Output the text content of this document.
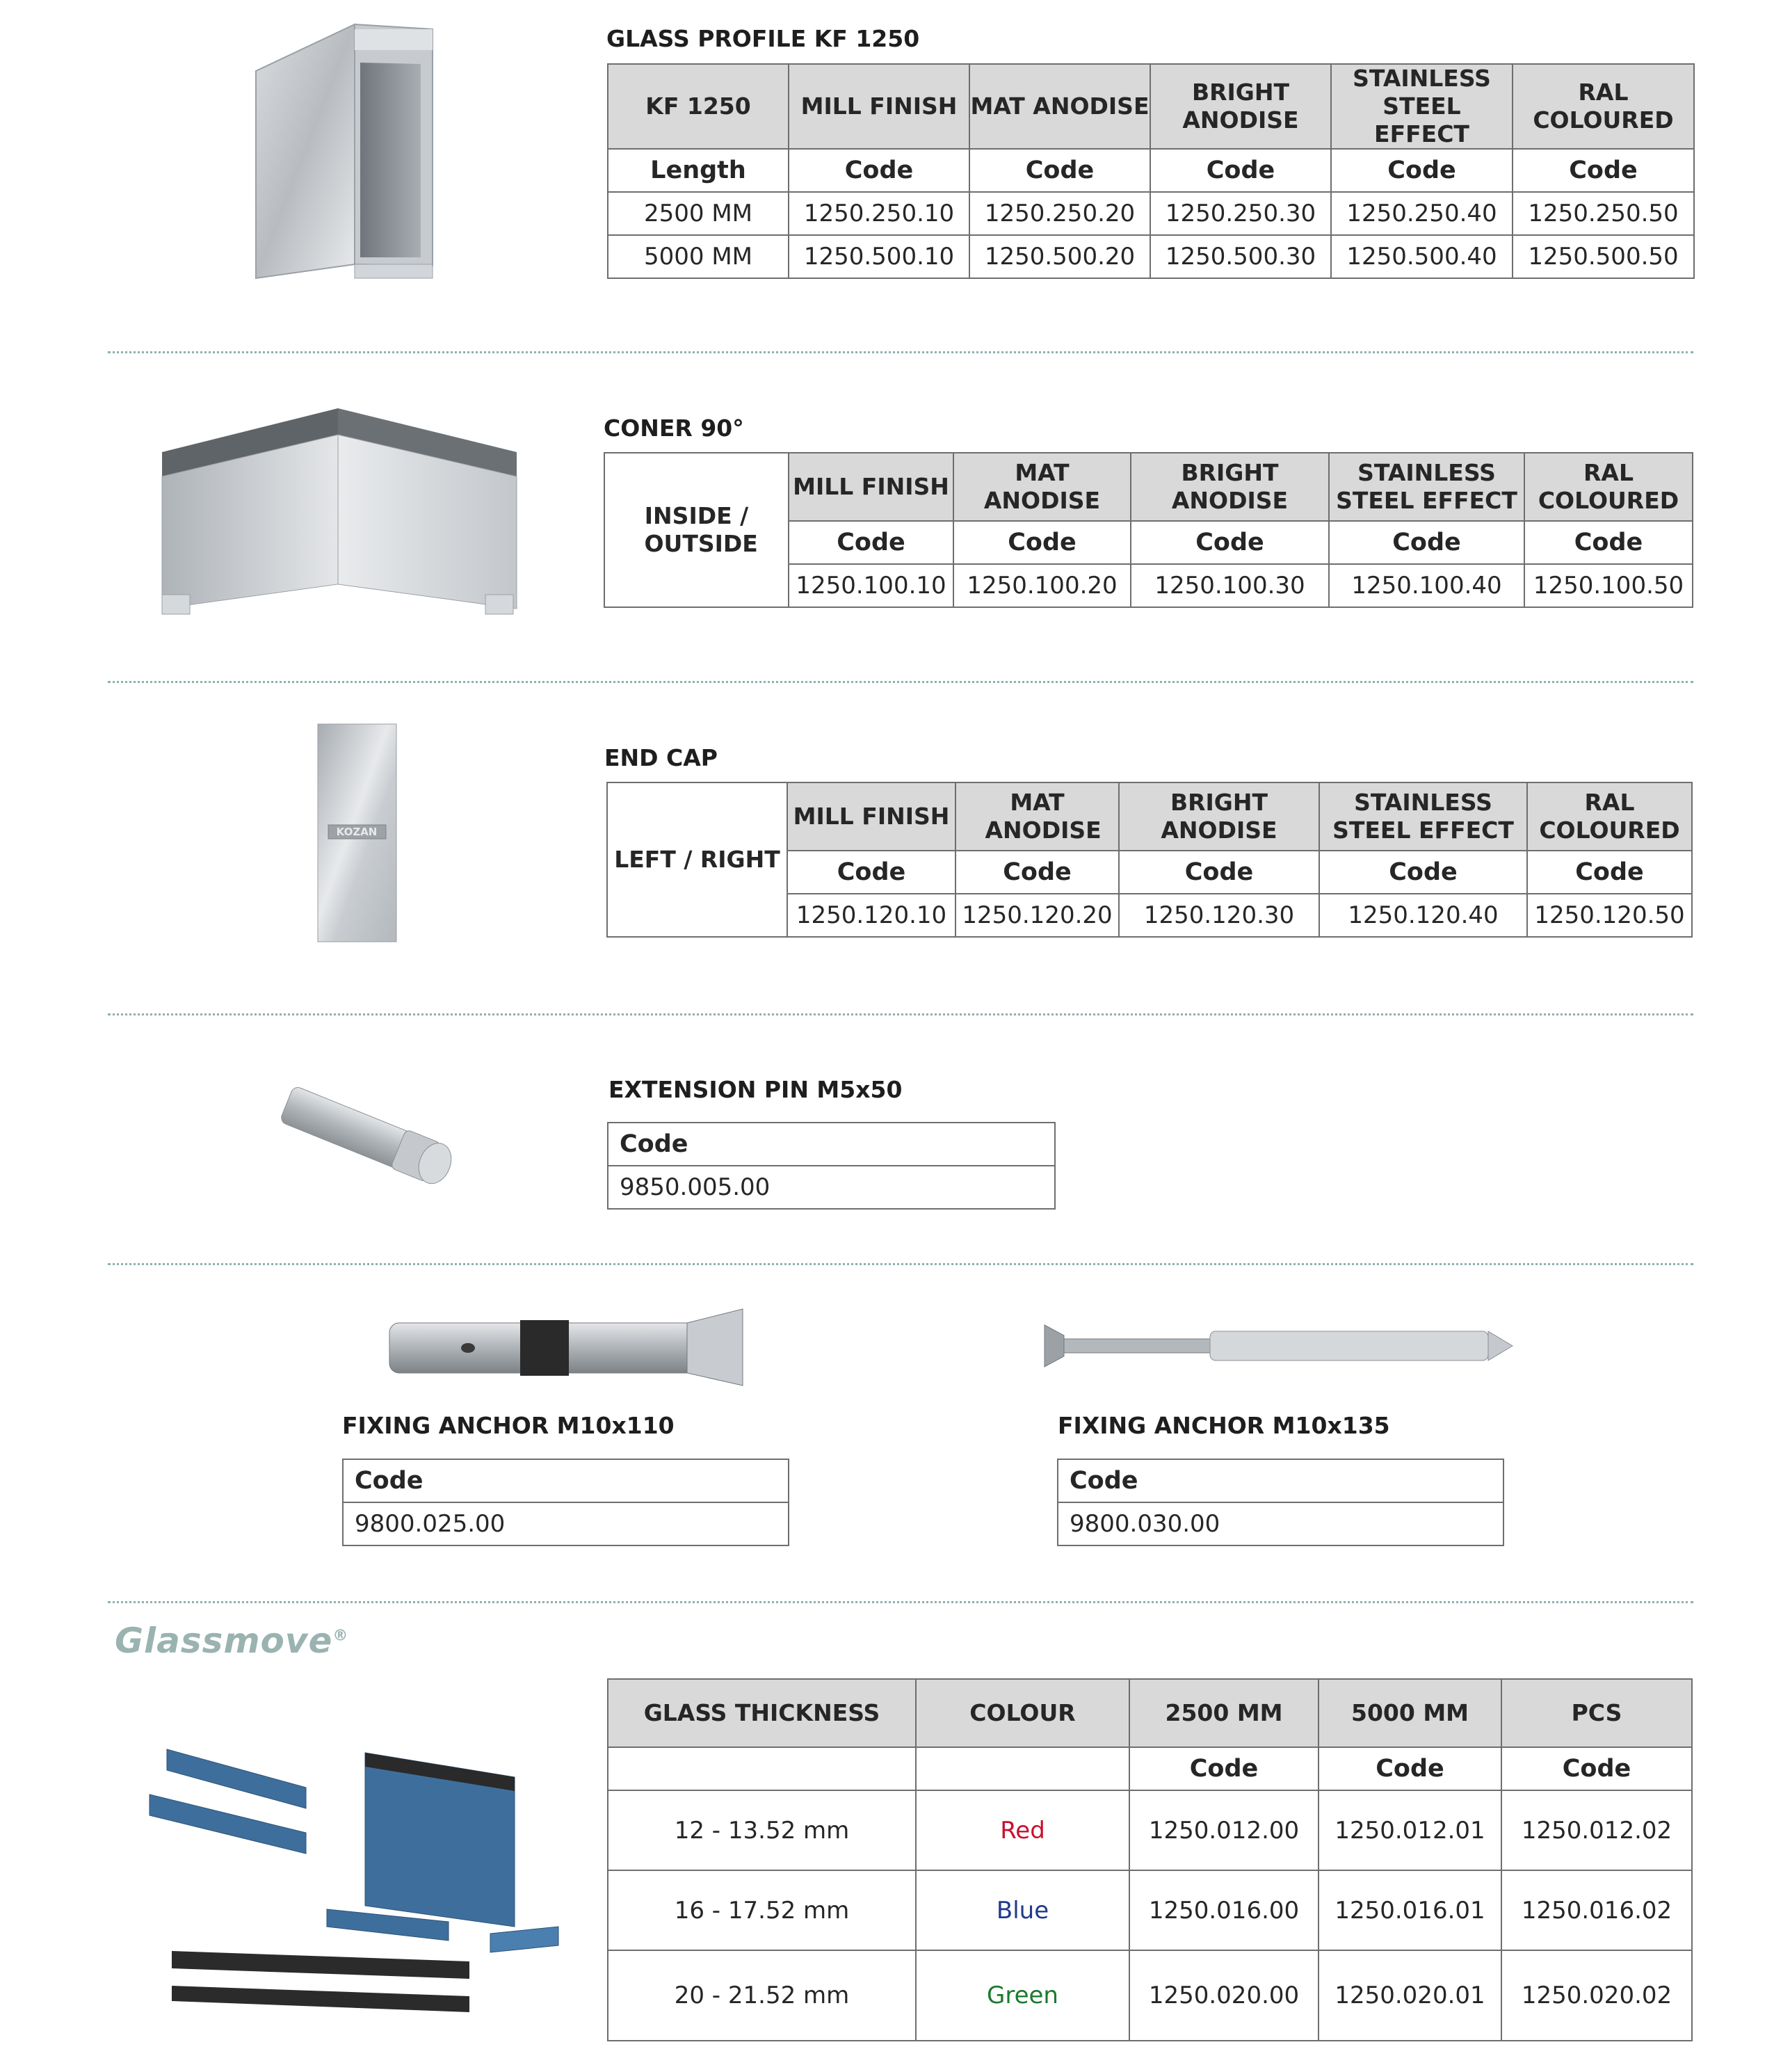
GLASS PROFILE KF 1250
KF 1250	MILL FINISH	MAT ANODISE	BRIGHT ANODISE	STAINLESS STEEL EFFECT	RAL COLOURED
Length	Code	Code	Code	Code	Code
2500 MM	1250.250.10	1250.250.20	1250.250.30	1250.250.40	1250.250.50
5000 MM	1250.500.10	1250.500.20	1250.500.30	1250.500.40	1250.500.50
CONER 90°
INSIDE / OUTSIDE	MILL FINISH	MAT ANODISE	BRIGHT ANODISE	STAINLESS STEEL EFFECT	RAL COLOURED
	Code	Code	Code	Code	Code
	1250.100.10	1250.100.20	1250.100.30	1250.100.40	1250.100.50
KOZAN
END CAP
LEFT / RIGHT	MILL FINISH	MAT ANODISE	BRIGHT ANODISE	STAINLESS STEEL EFFECT	RAL COLOURED
	Code	Code	Code	Code	Code
	1250.120.10	1250.120.20	1250.120.30	1250.120.40	1250.120.50
EXTENSION PIN M5x50
Code
9850.005.00
FIXING ANCHOR M10x110
Code
9800.025.00
FIXING ANCHOR M10x135
Code
9800.030.00
Glassmove®
GLASS THICKNESS	COLOUR	2500 MM	5000 MM	PCS
		Code	Code	Code
12 - 13.52 mm	Red	1250.012.00	1250.012.01	1250.012.02
16 - 17.52 mm	Blue	1250.016.00	1250.016.01	1250.016.02
20 - 21.52 mm	Green	1250.020.00	1250.020.01	1250.020.02
